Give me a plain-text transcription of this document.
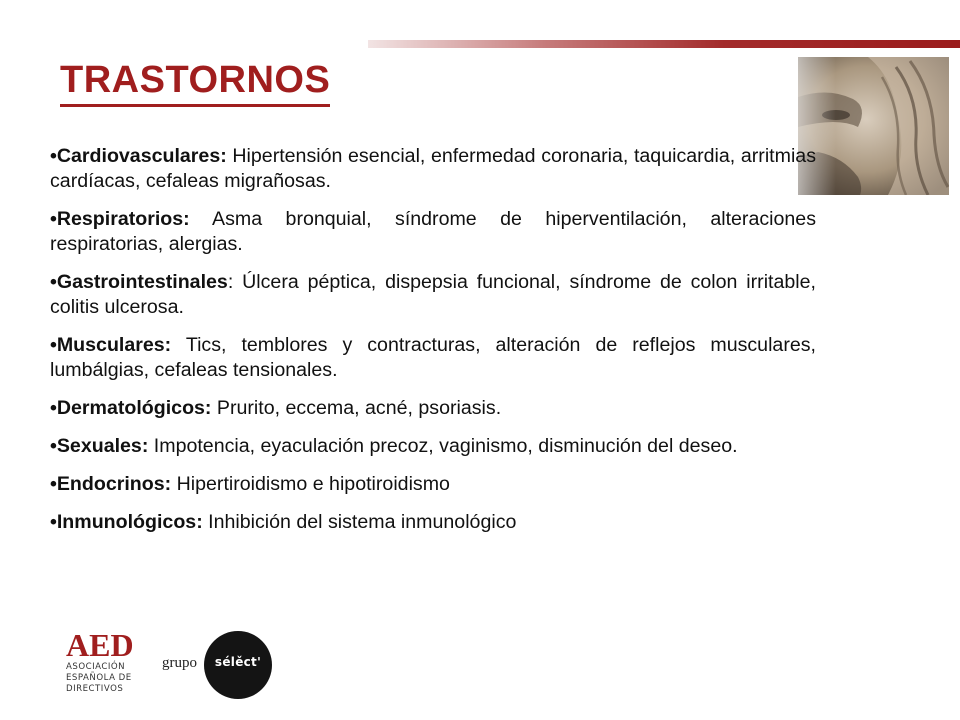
TRASTORNOS

•Cardiovasculares: Hipertensión esencial, enfermedad coronaria, taquicardia, arritmias cardíacas, cefaleas migrañosas.

•Respiratorios: Asma bronquial, síndrome de hiperventilación, alteraciones respiratorias, alergias.

•Gastrointestinales: Úlcera péptica, dispepsia funcional, síndrome de colon irritable, colitis ulcerosa.

•Musculares: Tics, temblores y contracturas, alteración de reflejos musculares, lumbálgias, cefaleas tensionales.

•Dermatológicos: Prurito, eccema, acné, psoriasis.

•Sexuales: Impotencia, eyaculación precoz, vaginismo, disminución del deseo.

•Endocrinos: Hipertiroidismo e hipotiroidismo

•Inmunológicos: Inhibición del sistema inmunológico

AED
ASOCIACIÓN
ESPAÑOLA DE
DIRECTIVOS
grupo	sélěct'
